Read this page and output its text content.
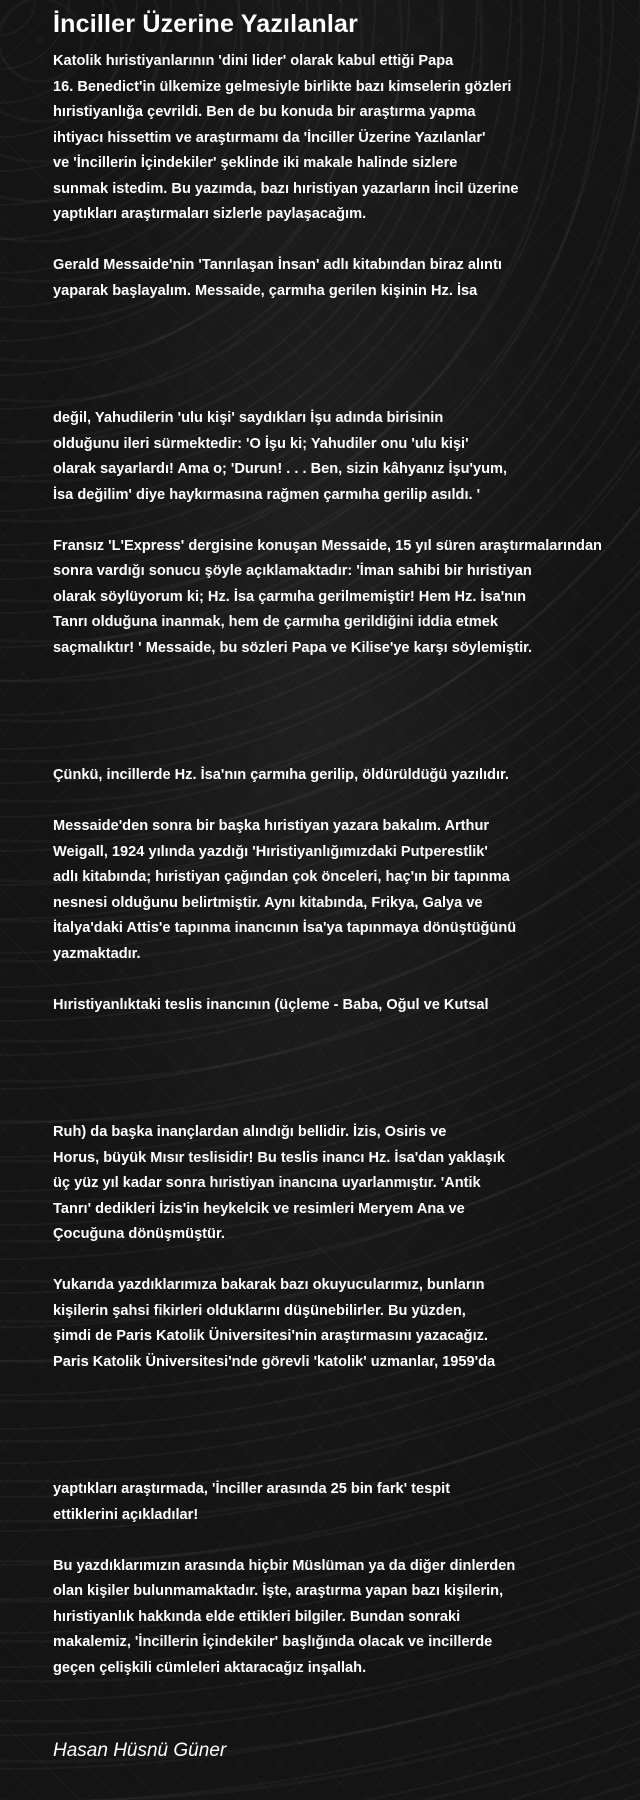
İnciller Üzerine Yazılanlar
Katolik hıristiyanlarının 'dini lider' olarak kabul ettiği Papa
16. Benedict'in ülkemize gelmesiyle birlikte bazı kimselerin gözleri
hıristiyanlığa çevrildi. Ben de bu konuda bir araştırma yapma
ihtiyacı hissettim ve araştırmamı da 'İnciller Üzerine Yazılanlar'
ve 'İncillerin İçindekiler' şeklinde iki makale halinde sizlere
sunmak istedim. Bu yazımda, bazı hıristiyan yazarların İncil üzerine
yaptıkları araştırmaları sizlerle paylaşacağım.
Gerald Messaide'nin 'Tanrılaşan İnsan' adlı kitabından biraz alıntı
yaparak başlayalım. Messaide, çarmıha gerilen kişinin Hz. İsa
değil, Yahudilerin 'ulu kişi' saydıkları İşu adında birisinin
olduğunu ileri sürmektedir: 'O İşu ki; Yahudiler onu 'ulu kişi'
olarak sayarlardı! Ama o; 'Durun! . . . Ben, sizin kâhyanız İşu'yum,
İsa değilim' diye haykırmasına rağmen çarmıha gerilip asıldı. '
Fransız 'L'Express' dergisine konuşan Messaide, 15 yıl süren araştırmalarından
sonra vardığı sonucu şöyle açıklamaktadır: 'İman sahibi bir hıristiyan
olarak söylüyorum ki; Hz. İsa çarmıha gerilmemiştir! Hem Hz. İsa'nın
Tanrı olduğuna inanmak, hem de çarmıha gerildiğini iddia etmek
saçmalıktır! ' Messaide, bu sözleri Papa ve Kilise'ye karşı söylemiştir.
Çünkü, incillerde Hz. İsa'nın çarmıha gerilip, öldürüldüğü yazılıdır.
Messaide'den sonra bir başka hıristiyan yazara bakalım. Arthur
Weigall, 1924 yılında yazdığı 'Hıristiyanlığımızdaki Putperestlik'
adlı kitabında; hıristiyan çağından çok önceleri, haç'ın bir tapınma
nesnesi olduğunu belirtmiştir. Aynı kitabında, Frikya, Galya ve
İtalya'daki Attis'e tapınma inancının İsa'ya tapınmaya dönüştüğünü
yazmaktadır.
Hıristiyanlıktaki teslis inancının (üçleme - Baba, Oğul ve Kutsal
Ruh) da başka inançlardan alındığı bellidir. İzis, Osiris ve
Horus, büyük Mısır teslisidir! Bu teslis inancı Hz. İsa'dan yaklaşık
üç yüz yıl kadar sonra hıristiyan inancına uyarlanmıştır. 'Antik
Tanrı' dedikleri İzis'in heykelcik ve resimleri Meryem Ana ve
Çocuğuna dönüşmüştür.
Yukarıda yazdıklarımıza bakarak bazı okuyucularımız, bunların
kişilerin şahsi fikirleri olduklarını düşünebilirler. Bu yüzden,
şimdi de Paris Katolik Üniversitesi'nin araştırmasını yazacağız.
Paris Katolik Üniversitesi'nde görevli 'katolik' uzmanlar, 1959'da
yaptıkları araştırmada, 'İnciller arasında 25 bin fark' tespit
ettiklerini açıkladılar!
Bu yazdıklarımızın arasında hiçbir Müslüman ya da diğer dinlerden
olan kişiler bulunmamaktadır. İşte, araştırma yapan bazı kişilerin,
hıristiyanlık hakkında elde ettikleri bilgiler. Bundan sonraki
makalemiz, 'İncillerin İçindekiler' başlığında olacak ve incillerde
geçen çelişkili cümleleri aktaracağız inşallah.
Hasan Hüsnü Güner
